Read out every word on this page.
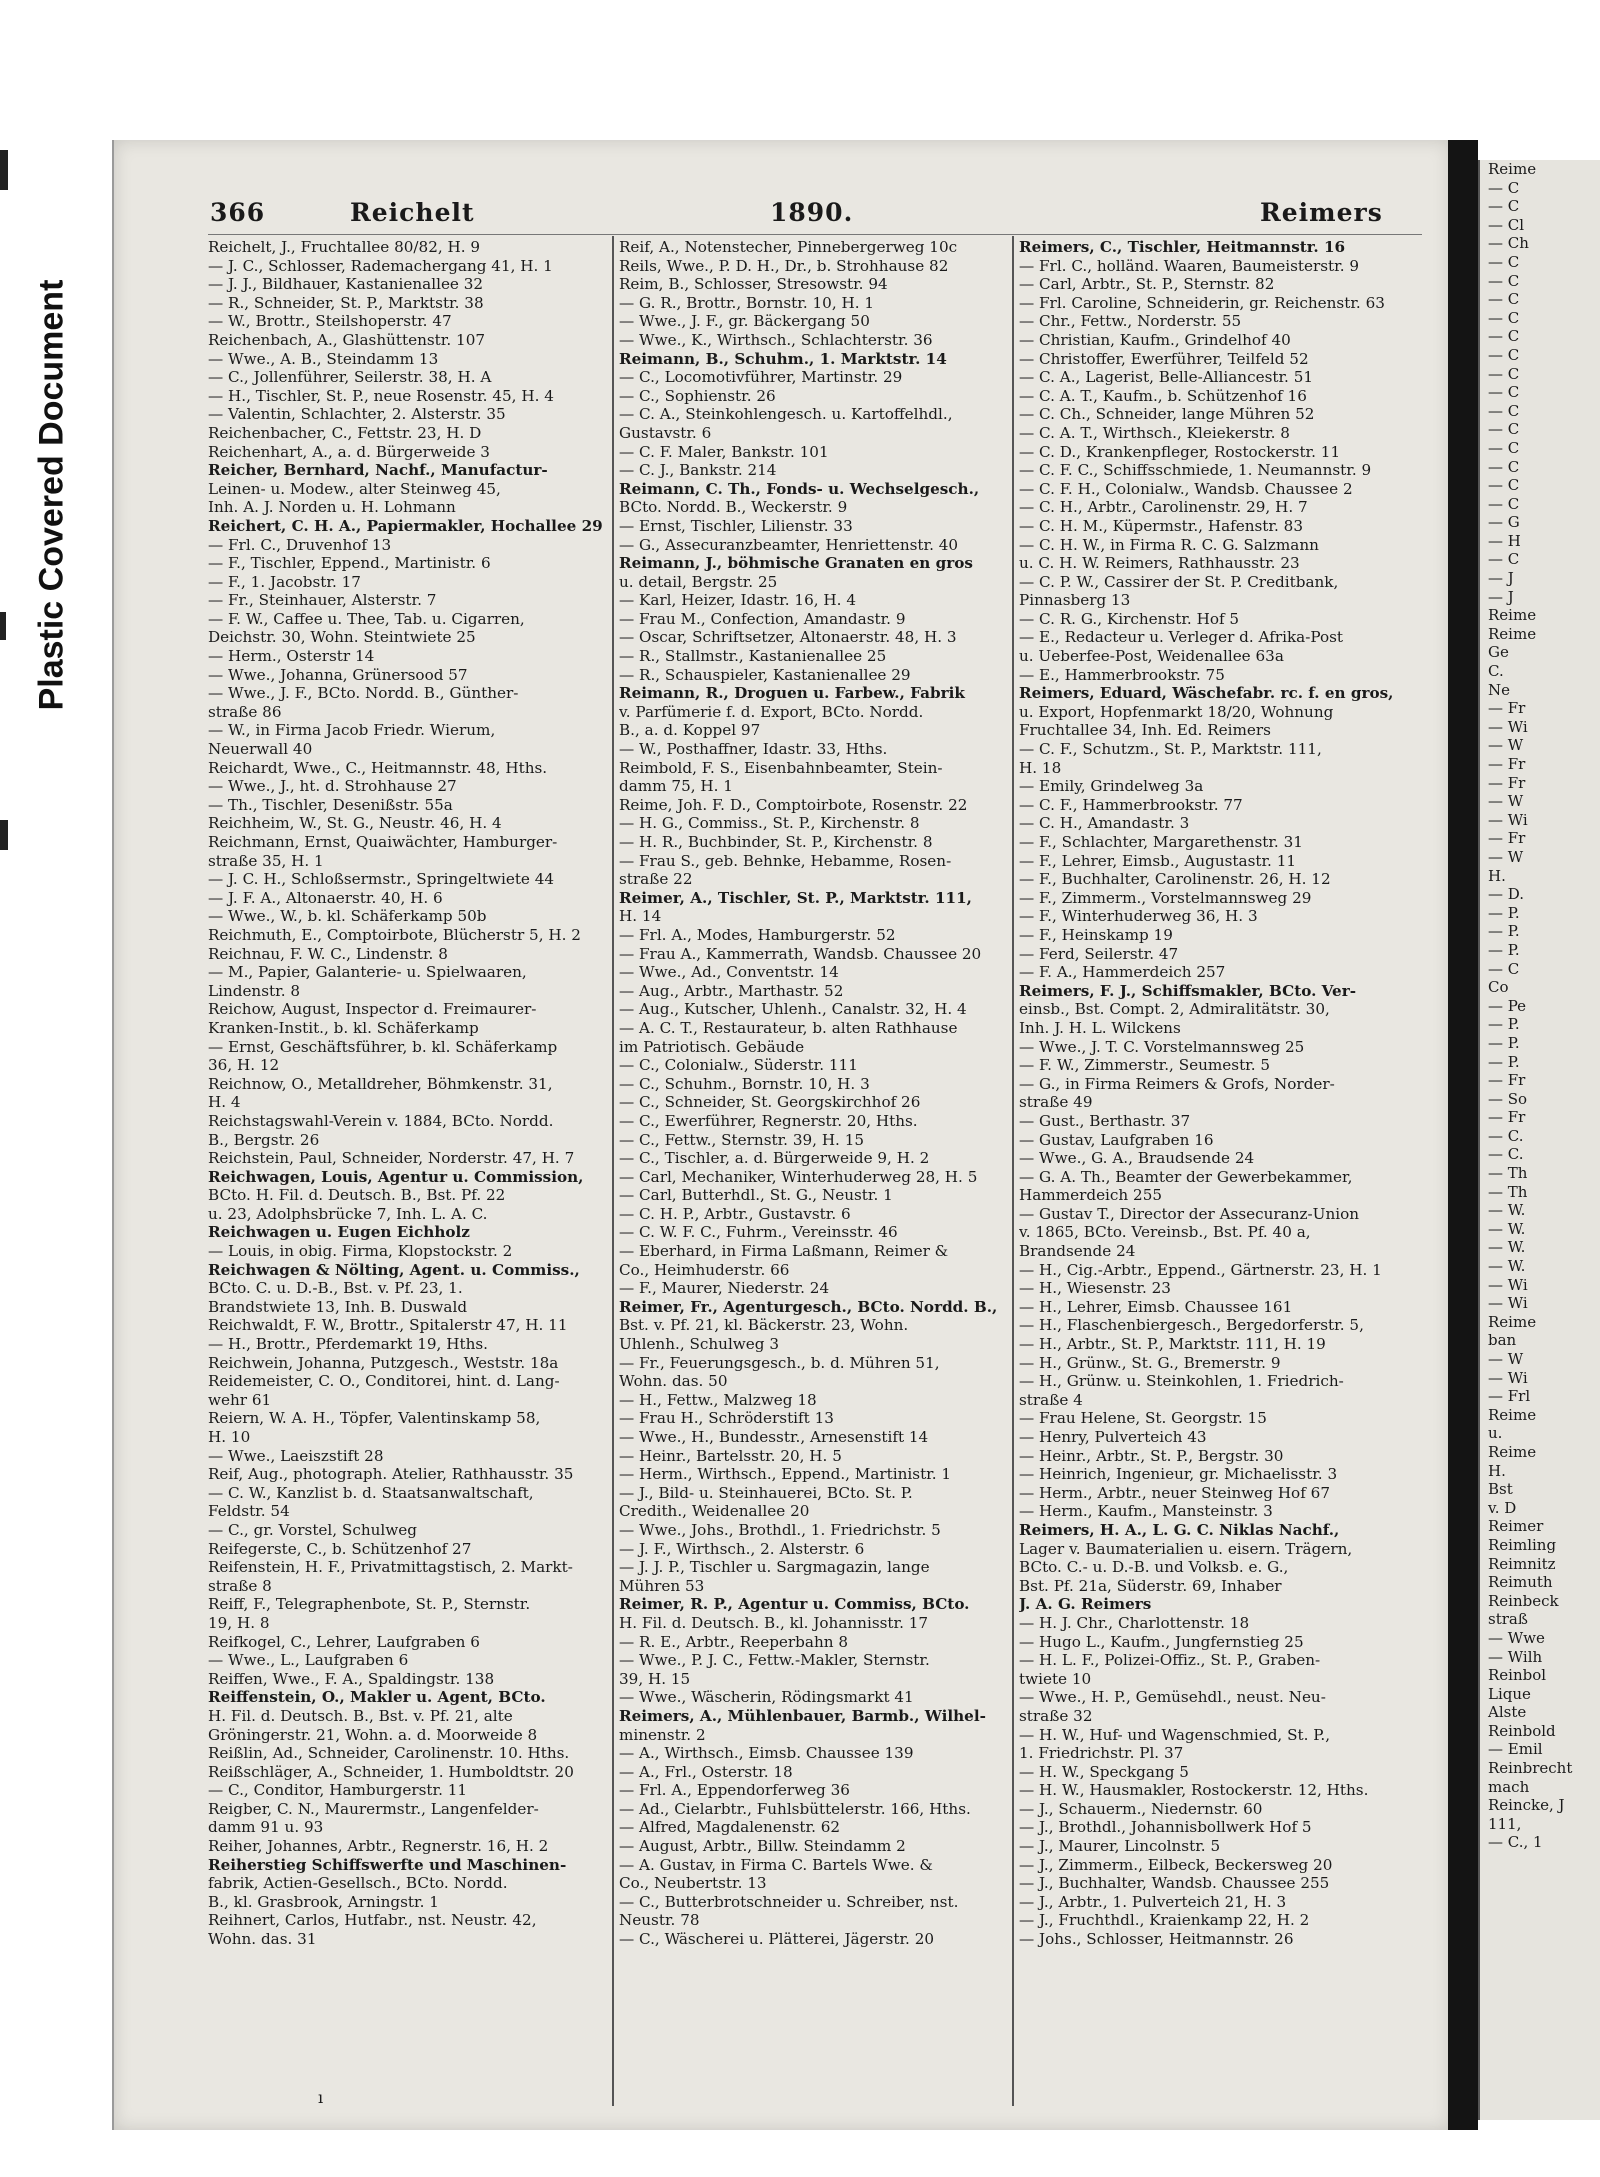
Plastic Covered Document
366	Reichelt	1890.	Reimers
Reichelt, J., Fruchtallee 80/82, H. 9
— J. C., Schlosser, Rademachergang 41, H. 1
— J. J., Bildhauer, Kastanienallee 32
— R., Schneider, St. P., Marktstr. 38
— W., Brottr., Steilshoperstr. 47
Reichenbach, A., Glashüttenstr. 107
— Wwe., A. B., Steindamm 13
— C., Jollenführer, Seilerstr. 38, H. A
— H., Tischler, St. P., neue Rosenstr. 45, H. 4
— Valentin, Schlachter, 2. Alsterstr. 35
Reichenbacher, C., Fettstr. 23, H. D
Reichenhart, A., a. d. Bürgerweide 3
Reicher, Bernhard, Nachf., Manufactur-
Leinen- u. Modew., alter Steinweg 45,
Inh. A. J. Norden u. H. Lohmann
Reichert, C. H. A., Papiermakler, Hochallee 29
— Frl. C., Druvenhof 13
— F., Tischler, Eppend., Martinistr. 6
— F., 1. Jacobstr. 17
— Fr., Steinhauer, Alsterstr. 7
— F. W., Caffee u. Thee, Tab. u. Cigarren,
Deichstr. 30, Wohn. Steintwiete 25
— Herm., Osterstr 14
— Wwe., Johanna, Grünersood 57
— Wwe., J. F., BCto. Nordd. B., Günther-
straße 86
— W., in Firma Jacob Friedr. Wierum,
Neuerwall 40
Reichardt, Wwe., C., Heitmannstr. 48, Hths.
— Wwe., J., ht. d. Strohhause 27
— Th., Tischler, Desenißstr. 55a
Reichheim, W., St. G., Neustr. 46, H. 4
Reichmann, Ernst, Quaiwächter, Hamburger-
straße 35, H. 1
— J. C. H., Schloßsermstr., Springeltwiete 44
— J. F. A., Altonaerstr. 40, H. 6
— Wwe., W., b. kl. Schäferkamp 50b
Reichmuth, E., Comptoirbote, Blücherstr 5, H. 2
Reichnau, F. W. C., Lindenstr. 8
— M., Papier, Galanterie- u. Spielwaaren,
Lindenstr. 8
Reichow, August, Inspector d. Freimaurer-
Kranken-Instit., b. kl. Schäferkamp
— Ernst, Geschäftsführer, b. kl. Schäferkamp
36, H. 12
Reichnow, O., Metalldreher, Böhmkenstr. 31,
H. 4
Reichstagswahl-Verein v. 1884, BCto. Nordd.
B., Bergstr. 26
Reichstein, Paul, Schneider, Norderstr. 47, H. 7
Reichwagen, Louis, Agentur u. Commission,
BCto. H. Fil. d. Deutsch. B., Bst. Pf. 22
u. 23, Adolphsbrücke 7, Inh. L. A. C.
Reichwagen u. Eugen Eichholz
— Louis, in obig. Firma, Klopstockstr. 2
Reichwagen & Nölting, Agent. u. Commiss.,
BCto. C. u. D.-B., Bst. v. Pf. 23, 1.
Brandstwiete 13, Inh. B. Duswald
Reichwaldt, F. W., Brottr., Spitalerstr 47, H. 11
— H., Brottr., Pferdemarkt 19, Hths.
Reichwein, Johanna, Putzgesch., Weststr. 18a
Reidemeister, C. O., Conditorei, hint. d. Lang-
wehr 61
Reiern, W. A. H., Töpfer, Valentinskamp 58,
H. 10
— Wwe., Laeiszstift 28
Reif, Aug., photograph. Atelier, Rathhausstr. 35
— C. W., Kanzlist b. d. Staatsanwaltschaft,
Feldstr. 54
— C., gr. Vorstel, Schulweg
Reifegerste, C., b. Schützenhof 27
Reifenstein, H. F., Privatmittagstisch, 2. Markt-
straße 8
Reiff, F., Telegraphenbote, St. P., Sternstr.
19, H. 8
Reifkogel, C., Lehrer, Laufgraben 6
— Wwe., L., Laufgraben 6
Reiffen, Wwe., F. A., Spaldingstr. 138
Reiffenstein, O., Makler u. Agent, BCto.
H. Fil. d. Deutsch. B., Bst. v. Pf. 21, alte
Gröningerstr. 21, Wohn. a. d. Moorweide 8
Reißlin, Ad., Schneider, Carolinenstr. 10. Hths.
Reißschläger, A., Schneider, 1. Humboldtstr. 20
— C., Conditor, Hamburgerstr. 11
Reigber, C. N., Maurermstr., Langenfelder-
damm 91 u. 93
Reiher, Johannes, Arbtr., Regnerstr. 16, H. 2
Reiherstieg Schiffswerfte und Maschinen-
fabrik, Actien-Gesellsch., BCto. Nordd.
B., kl. Grasbrook, Arningstr. 1
Reihnert, Carlos, Hutfabr., nst. Neustr. 42,
Wohn. das. 31
Reif, A., Notenstecher, Pinnebergerweg 10c
Reils, Wwe., P. D. H., Dr., b. Strohhause 82
Reim, B., Schlosser, Stresowstr. 94
— G. R., Brottr., Bornstr. 10, H. 1
— Wwe., J. F., gr. Bäckergang 50
— Wwe., K., Wirthsch., Schlachterstr. 36
Reimann, B., Schuhm., 1. Marktstr. 14
— C., Locomotivführer, Martinstr. 29
— C., Sophienstr. 26
— C. A., Steinkohlengesch. u. Kartoffelhdl.,
Gustavstr. 6
— C. F. Maler, Bankstr. 101
— C. J., Bankstr. 214
Reimann, C. Th., Fonds- u. Wechselgesch.,
BCto. Nordd. B., Weckerstr. 9
— Ernst, Tischler, Lilienstr. 33
— G., Assecuranzbeamter, Henriettenstr. 40
Reimann, J., böhmische Granaten en gros
u. detail, Bergstr. 25
— Karl, Heizer, Idastr. 16, H. 4
— Frau M., Confection, Amandastr. 9
— Oscar, Schriftsetzer, Altonaerstr. 48, H. 3
— R., Stallmstr., Kastanienallee 25
— R., Schauspieler, Kastanienallee 29
Reimann, R., Droguen u. Farbew., Fabrik
v. Parfümerie f. d. Export, BCto. Nordd.
B., a. d. Koppel 97
— W., Posthaffner, Idastr. 33, Hths.
Reimbold, F. S., Eisenbahnbeamter, Stein-
damm 75, H. 1
Reime, Joh. F. D., Comptoirbote, Rosenstr. 22
— H. G., Commiss., St. P., Kirchenstr. 8
— H. R., Buchbinder, St. P., Kirchenstr. 8
— Frau S., geb. Behnke, Hebamme, Rosen-
straße 22
Reimer, A., Tischler, St. P., Marktstr. 111,
H. 14
— Frl. A., Modes, Hamburgerstr. 52
— Frau A., Kammerrath, Wandsb. Chaussee 20
— Wwe., Ad., Conventstr. 14
— Aug., Arbtr., Marthastr. 52
— Aug., Kutscher, Uhlenh., Canalstr. 32, H. 4
— A. C. T., Restaurateur, b. alten Rathhause
im Patriotisch. Gebäude
— C., Colonialw., Süderstr. 111
— C., Schuhm., Bornstr. 10, H. 3
— C., Schneider, St. Georgskirchhof 26
— C., Ewerführer, Regnerstr. 20, Hths.
— C., Fettw., Sternstr. 39, H. 15
— C., Tischler, a. d. Bürgerweide 9, H. 2
— Carl, Mechaniker, Winterhuderweg 28, H. 5
— Carl, Butterhdl., St. G., Neustr. 1
— C. H. P., Arbtr., Gustavstr. 6
— C. W. F. C., Fuhrm., Vereinsstr. 46
— Eberhard, in Firma Laßmann, Reimer &
Co., Heimhuderstr. 66
— F., Maurer, Niederstr. 24
Reimer, Fr., Agenturgesch., BCto. Nordd. B.,
Bst. v. Pf. 21, kl. Bäckerstr. 23, Wohn.
Uhlenh., Schulweg 3
— Fr., Feuerungsgesch., b. d. Mühren 51,
Wohn. das. 50
— H., Fettw., Malzweg 18
— Frau H., Schröderstift 13
— Wwe., H., Bundesstr., Arnesenstift 14
— Heinr., Bartelsstr. 20, H. 5
— Herm., Wirthsch., Eppend., Martinistr. 1
— J., Bild- u. Steinhauerei, BCto. St. P.
Credith., Weidenallee 20
— Wwe., Johs., Brothdl., 1. Friedrichstr. 5
— J. F., Wirthsch., 2. Alsterstr. 6
— J. J. P., Tischler u. Sargmagazin, lange
Mühren 53
Reimer, R. P., Agentur u. Commiss, BCto.
H. Fil. d. Deutsch. B., kl. Johannisstr. 17
— R. E., Arbtr., Reeperbahn 8
— Wwe., P. J. C., Fettw.-Makler, Sternstr.
39, H. 15
— Wwe., Wäscherin, Rödingsmarkt 41
Reimers, A., Mühlenbauer, Barmb., Wilhel-
minenstr. 2
— A., Wirthsch., Eimsb. Chaussee 139
— A., Frl., Osterstr. 18
— Frl. A., Eppendorferweg 36
— Ad., Cielarbtr., Fuhlsbüttelerstr. 166, Hths.
— Alfred, Magdalenenstr. 62
— August, Arbtr., Billw. Steindamm 2
— A. Gustav, in Firma C. Bartels Wwe. &
Co., Neubertstr. 13
— C., Butterbrotschneider u. Schreiber, nst.
Neustr. 78
— C., Wäscherei u. Plätterei, Jägerstr. 20
Reimers, C., Tischler, Heitmannstr. 16
— Frl. C., holländ. Waaren, Baumeisterstr. 9
— Carl, Arbtr., St. P., Sternstr. 82
— Frl. Caroline, Schneiderin, gr. Reichenstr. 63
— Chr., Fettw., Norderstr. 55
— Christian, Kaufm., Grindelhof 40
— Christoffer, Ewerführer, Teilfeld 52
— C. A., Lagerist, Belle-Alliancestr. 51
— C. A. T., Kaufm., b. Schützenhof 16
— C. Ch., Schneider, lange Mühren 52
— C. A. T., Wirthsch., Kleiekerstr. 8
— C. D., Krankenpfleger, Rostockerstr. 11
— C. F. C., Schiffsschmiede, 1. Neumannstr. 9
— C. F. H., Colonialw., Wandsb. Chaussee 2
— C. H., Arbtr., Carolinenstr. 29, H. 7
— C. H. M., Küpermstr., Hafenstr. 83
— C. H. W., in Firma R. C. G. Salzmann
u. C. H. W. Reimers, Rathhausstr. 23
— C. P. W., Cassirer der St. P. Creditbank,
Pinnasberg 13
— C. R. G., Kirchenstr. Hof 5
— E., Redacteur u. Verleger d. Afrika-Post
u. Ueberfee-Post, Weidenallee 63a
— E., Hammerbrookstr. 75
Reimers, Eduard, Wäschefabr. rc. f. en gros,
u. Export, Hopfenmarkt 18/20, Wohnung
Fruchtallee 34, Inh. Ed. Reimers
— C. F., Schutzm., St. P., Marktstr. 111,
H. 18
— Emily, Grindelweg 3a
— C. F., Hammerbrookstr. 77
— C. H., Amandastr. 3
— F., Schlachter, Margarethenstr. 31
— F., Lehrer, Eimsb., Augustastr. 11
— F., Buchhalter, Carolinenstr. 26, H. 12
— F., Zimmerm., Vorstelmannsweg 29
— F., Winterhuderweg 36, H. 3
— F., Heinskamp 19
— Ferd, Seilerstr. 47
— F. A., Hammerdeich 257
Reimers, F. J., Schiffsmakler, BCto. Ver-
einsb., Bst. Compt. 2, Admiralitätstr. 30,
Inh. J. H. L. Wilckens
— Wwe., J. T. C. Vorstelmannsweg 25
— F. W., Zimmerstr., Seumestr. 5
— G., in Firma Reimers & Grofs, Norder-
straße 49
— Gust., Berthastr. 37
— Gustav, Laufgraben 16
— Wwe., G. A., Braudsende 24
— G. A. Th., Beamter der Gewerbekammer,
Hammerdeich 255
— Gustav T., Director der Assecuranz-Union
v. 1865, BCto. Vereinsb., Bst. Pf. 40 a,
Brandsende 24
— H., Cig.-Arbtr., Eppend., Gärtnerstr. 23, H. 1
— H., Wiesenstr. 23
— H., Lehrer, Eimsb. Chaussee 161
— H., Flaschenbiergesch., Bergedorferstr. 5,
— H., Arbtr., St. P., Marktstr. 111, H. 19
— H., Grünw., St. G., Bremerstr. 9
— H., Grünw. u. Steinkohlen, 1. Friedrich-
straße 4
— Frau Helene, St. Georgstr. 15
— Henry, Pulverteich 43
— Heinr., Arbtr., St. P., Bergstr. 30
— Heinrich, Ingenieur, gr. Michaelisstr. 3
— Herm., Arbtr., neuer Steinweg Hof 67
— Herm., Kaufm., Mansteinstr. 3
Reimers, H. A., L. G. C. Niklas Nachf.,
Lager v. Baumaterialien u. eisern. Trägern,
BCto. C.- u. D.-B. und Volksb. e. G.,
Bst. Pf. 21a, Süderstr. 69, Inhaber
J. A. G. Reimers
— H. J. Chr., Charlottenstr. 18
— Hugo L., Kaufm., Jungfernstieg 25
— H. L. F., Polizei-Offiz., St. P., Graben-
twiete 10
— Wwe., H. P., Gemüsehdl., neust. Neu-
straße 32
— H. W., Huf- und Wagenschmied, St. P.,
1. Friedrichstr. Pl. 37
— H. W., Speckgang 5
— H. W., Hausmakler, Rostockerstr. 12, Hths.
— J., Schauerm., Niedernstr. 60
— J., Brothdl., Johannisbollwerk Hof 5
— J., Maurer, Lincolnstr. 5
— J., Zimmerm., Eilbeck, Beckersweg 20
— J., Buchhalter, Wandsb. Chaussee 255
— J., Arbtr., 1. Pulverteich 21, H. 3
— J., Fruchthdl., Kraienkamp 22, H. 2
— Johs., Schlosser, Heitmannstr. 26
ı
Reime
— C
— C
— Cl
— Ch
— C
— C
— C
— C
— C
— C
— C
— C
— C
— C
— C
— C
— C
— C
— G
— H
— C
— J
— J
Reime
Reime
Ge
C.
Ne
— Fr
— Wi
— W
— Fr
— Fr
— W
— Wi
— Fr
— W
H.
— D.
— P.
— P.
— P.
— C
Co
— Pe
— P.
— P.
— P.
— Fr
— So
— Fr
— C.
— C.
— Th
— Th
— W.
— W.
— W.
— W.
— Wi
— Wi
Reime
ban
— W
— Wi
— Frl
Reime
u.
Reime
H.
Bst
v. D
Reimer
Reimling
Reimnitz
Reimuth
Reinbeck
straß
— Wwe
— Wilh
Reinbol
Lique
Alste
Reinbold
— Emil
Reinbrecht
mach
Reincke, J
111,
— C., 1
